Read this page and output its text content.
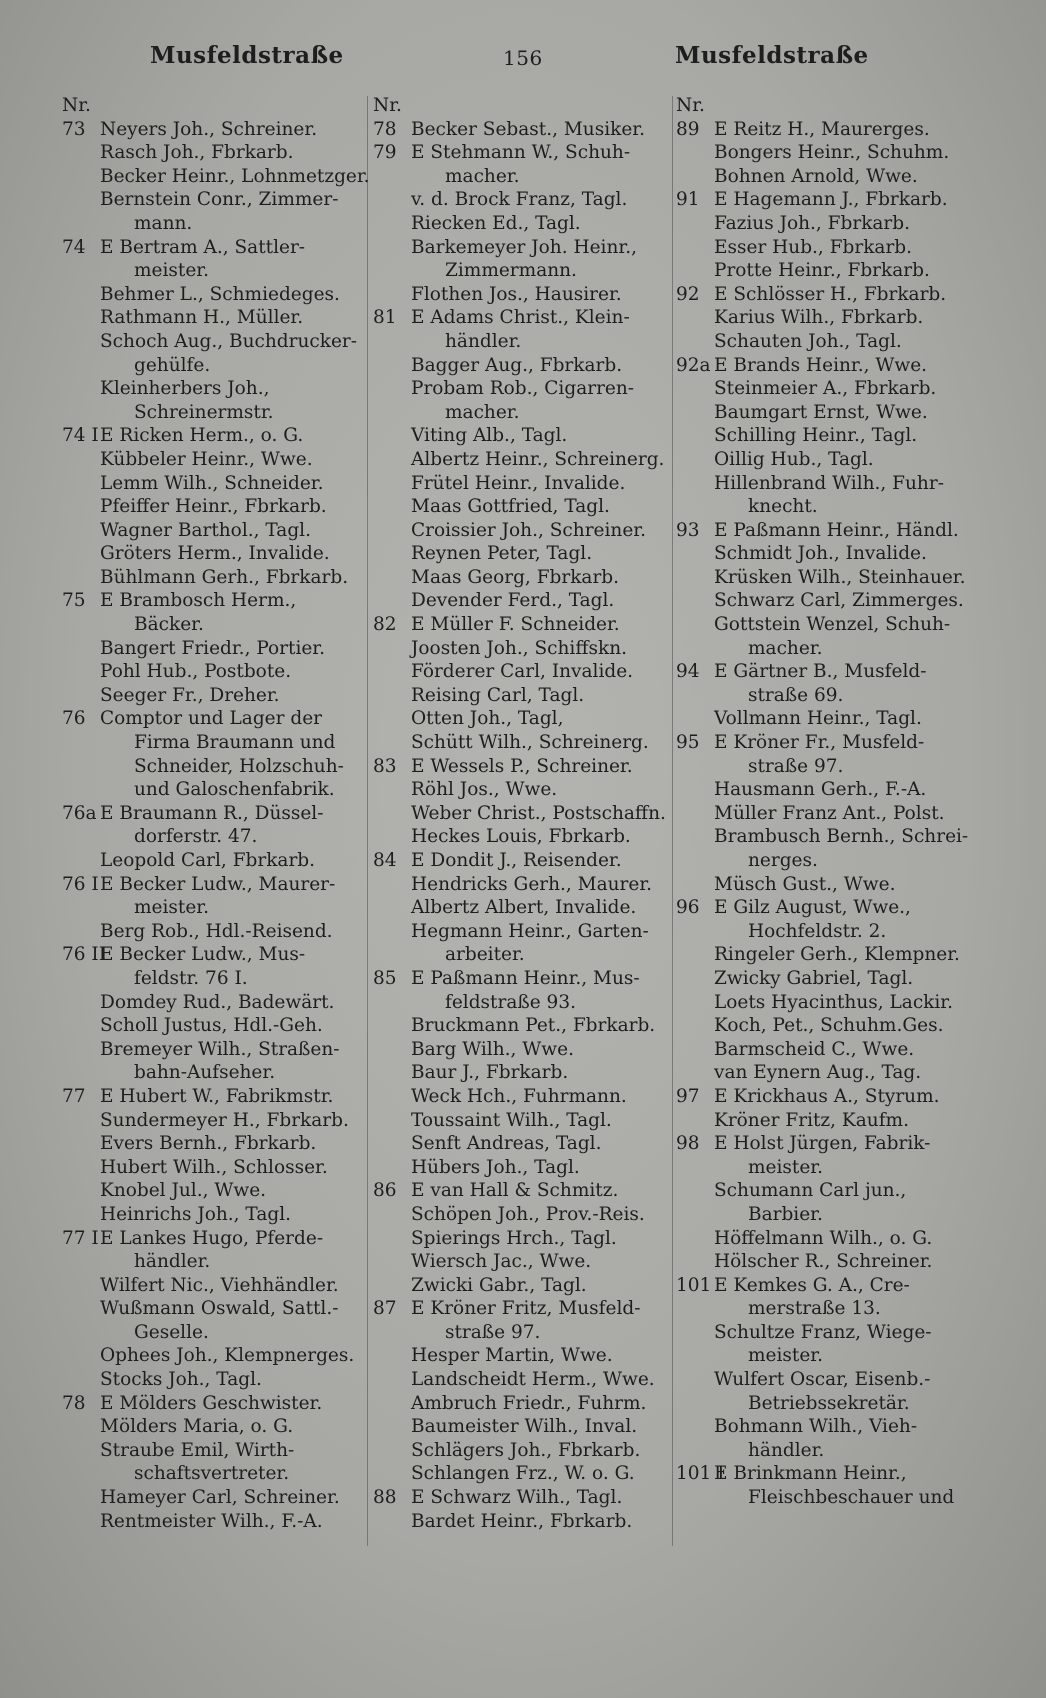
Musfeldstraße	156	Musfeldstraße
Nr.
73 Neyers Joh., Schreiner.
Rasch Joh., Fbrkarb.
Becker Heinr., Lohnmetzger.
Bernstein Conr., Zimmer-
mann.
74 E Bertram A., Sattler-
meister.
Behmer L., Schmiedeges.
Rathmann H., Müller.
Schoch Aug., Buchdrucker-
gehülfe.
Kleinherbers Joh.,
Schreinermstr.
74 I E Ricken Herm., o. G.
Kübbeler Heinr., Wwe.
Lemm Wilh., Schneider.
Pfeiffer Heinr., Fbrkarb.
Wagner Barthol., Tagl.
Gröters Herm., Invalide.
Bühlmann Gerh., Fbrkarb.
75 E Brambosch Herm.,
Bäcker.
Bangert Friedr., Portier.
Pohl Hub., Postbote.
Seeger Fr., Dreher.
76 Comptor und Lager der
Firma Braumann und
Schneider, Holzschuh-
und Galoschenfabrik.
76a E Braumann R., Düssel-
dorferstr. 47.
Leopold Carl, Fbrkarb.
76 I E Becker Ludw., Maurer-
meister.
Berg Rob., Hdl.-Reisend.
76 II
E Becker Ludw., Mus-
feldstr. 76 I.
Domdey Rud., Badewärt.
Scholl Justus, Hdl.-Geh.
Bremeyer Wilh., Straßen-
bahn-Aufseher.
77 E Hubert W., Fabrikmstr.
Sundermeyer H., Fbrkarb.
Evers Bernh., Fbrkarb.
Hubert Wilh., Schlosser.
Knobel Jul., Wwe.
Heinrichs Joh., Tagl.
77 I E Lankes Hugo, Pferde-
händler.
Wilfert Nic., Viehhändler.
Wußmann Oswald, Sattl.-
Geselle.
Ophees Joh., Klempnerges.
Stocks Joh., Tagl.
78 E Mölders Geschwister.
Mölders Maria, o. G.
Straube Emil, Wirth-
schaftsvertreter.
Hameyer Carl, Schreiner.
Rentmeister Wilh., F.-A.
Nr.
78 Becker Sebast., Musiker.
79 E Stehmann W., Schuh-
macher.
v. d. Brock Franz, Tagl.
Riecken Ed., Tagl.
Barkemeyer Joh. Heinr.,
Zimmermann.
Flothen Jos., Hausirer.
81 E Adams Christ., Klein-
händler.
Bagger Aug., Fbrkarb.
Probam Rob., Cigarren-
macher.
Viting Alb., Tagl.
Albertz Heinr., Schreinerg.
Frütel Heinr., Invalide.
Maas Gottfried, Tagl.
Croissier Joh., Schreiner.
Reynen Peter, Tagl.
Maas Georg, Fbrkarb.
Devender Ferd., Tagl.
82 E Müller F. Schneider.
Joosten Joh., Schiffskn.
Förderer Carl, Invalide.
Reising Carl, Tagl.
Otten Joh., Tagl,
Schütt Wilh., Schreinerg.
83 E Wessels P., Schreiner.
Röhl Jos., Wwe.
Weber Christ., Postschaffn.
Heckes Louis, Fbrkarb.
84 E Dondit J., Reisender.
Hendricks Gerh., Maurer.
Albertz Albert, Invalide.
Hegmann Heinr., Garten-
arbeiter.
85 E Paßmann Heinr., Mus-
feldstraße 93.
Bruckmann Pet., Fbrkarb.
Barg Wilh., Wwe.
Baur J., Fbrkarb.
Weck Hch., Fuhrmann.
Toussaint Wilh., Tagl.
Senft Andreas, Tagl.
Hübers Joh., Tagl.
86 E van Hall & Schmitz.
Schöpen Joh., Prov.-Reis.
Spierings Hrch., Tagl.
Wiersch Jac., Wwe.
Zwicki Gabr., Tagl.
87 E Kröner Fritz, Musfeld-
straße 97.
Hesper Martin, Wwe.
Landscheidt Herm., Wwe.
Ambruch Friedr., Fuhrm.
Baumeister Wilh., Inval.
Schlägers Joh., Fbrkarb.
Schlangen Frz., W. o. G.
88 E Schwarz Wilh., Tagl.
Bardet Heinr., Fbrkarb.
Nr.
89 E Reitz H., Maurerges.
Bongers Heinr., Schuhm.
Bohnen Arnold, Wwe.
91 E Hagemann J., Fbrkarb.
Fazius Joh., Fbrkarb.
Esser Hub., Fbrkarb.
Protte Heinr., Fbrkarb.
92 E Schlösser H., Fbrkarb.
Karius Wilh., Fbrkarb.
Schauten Joh., Tagl.
92a E Brands Heinr., Wwe.
Steinmeier A., Fbrkarb.
Baumgart Ernst, Wwe.
Schilling Heinr., Tagl.
Oillig Hub., Tagl.
Hillenbrand Wilh., Fuhr-
knecht.
93 E Paßmann Heinr., Händl.
Schmidt Joh., Invalide.
Krüsken Wilh., Steinhauer.
Schwarz Carl, Zimmerges.
Gottstein Wenzel, Schuh-
macher.
94 E Gärtner B., Musfeld-
straße 69.
Vollmann Heinr., Tagl.
95 E Kröner Fr., Musfeld-
straße 97.
Hausmann Gerh., F.-A.
Müller Franz Ant., Polst.
Brambusch Bernh., Schrei-
nerges.
Müsch Gust., Wwe.
96 E Gilz August, Wwe.,
Hochfeldstr. 2.
Ringeler Gerh., Klempner.
Zwicky Gabriel, Tagl.
Loets Hyacinthus, Lackir.
Koch, Pet., Schuhm.Ges.
Barmscheid C., Wwe.
van Eynern Aug., Tag.
97 E Krickhaus A., Styrum.
Kröner Fritz, Kaufm.
98 E Holst Jürgen, Fabrik-
meister.
Schumann Carl jun.,
Barbier.
Höffelmann Wilh., o. G.
Hölscher R., Schreiner.
101 E Kemkes G. A., Cre-
merstraße 13.
Schultze Franz, Wiege-
meister.
Wulfert Oscar, Eisenb.-
Betriebssekretär.
Bohmann Wilh., Vieh-
händler.
101 I
E Brinkmann Heinr.,
Fleischbeschauer und
